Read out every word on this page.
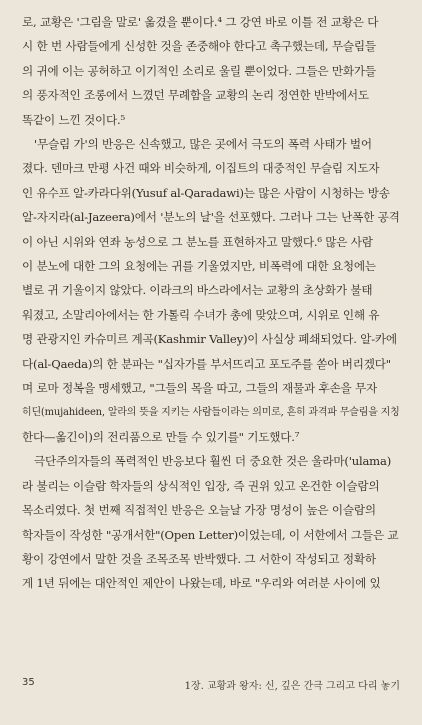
로, 교황은 '그림을 말로' 옮겼을 뿐이다.⁴ 그 강연 바로 이틀 전 교황은 다
시 한 번 사람들에게 신성한 것을 존중해야 한다고 촉구했는데, 무슬림들
의 귀에 이는 공허하고 이기적인 소리로 울릴 뿐이었다. 그들은 만화가들
의 풍자적인 조롱에서 느꼈던 무례함을 교황의 논리 정연한 반박에서도
똑같이 느낀 것이다.⁵

'무슬림 가'의 반응은 신속했고, 많은 곳에서 극도의 폭력 사태가 벌어
졌다. 덴마크 만평 사건 때와 비슷하게, 이집트의 대중적인 무슬림 지도자
인 유수프 알-카라다위(Yusuf al-Qaradawi)는 많은 사람이 시청하는 방송
알-자지라(al-Jazeera)에서 '분노의 날'을 선포했다. 그러나 그는 난폭한 공격
이 아닌 시위와 연좌 농성으로 그 분노를 표현하자고 말했다.⁶ 많은 사람
이 분노에 대한 그의 요청에는 귀를 기울였지만, 비폭력에 대한 요청에는
별로 귀 기울이지 않았다. 이라크의 바스라에서는 교황의 초상화가 불태
워졌고, 소말리아에서는 한 가톨릭 수녀가 총에 맞았으며, 시위로 인해 유
명 관광지인 카슈미르 계곡(Kashmir Valley)이 사실상 폐쇄되었다. 알-카에
다(al-Qaeda)의 한 분파는 "십자가를 부서뜨리고 포도주를 쏟아 버리겠다"
며 로마 정복을 맹세했고, "그들의 목을 따고, 그들의 재물과 후손을 무자
히딘(mujahideen, 알라의 뜻을 지키는 사람들이라는 의미로, 흔히 과격파 무슬림을 지칭
한다—옮긴이)의 전리품으로 만들 수 있기를" 기도했다.⁷

극단주의자들의 폭력적인 반응보다 훨씬 더 중요한 것은 울라마('ulama)
라 불리는 이슬람 학자들의 상식적인 입장, 즉 권위 있고 온건한 이슬람의
목소리였다. 첫 번째 직접적인 반응은 오늘날 가장 명성이 높은 이슬람의
학자들이 작성한 "공개서한"(Open Letter)이었는데, 이 서한에서 그들은 교
황이 강연에서 말한 것을 조목조목 반박했다. 그 서한이 작성되고 정확하
게 1년 뒤에는 대안적인 제안이 나왔는데, 바로 "우리와 여러분 사이에 있

35	1장. 교황과 왕자: 신, 깊은 간극 그리고 다리 놓기
